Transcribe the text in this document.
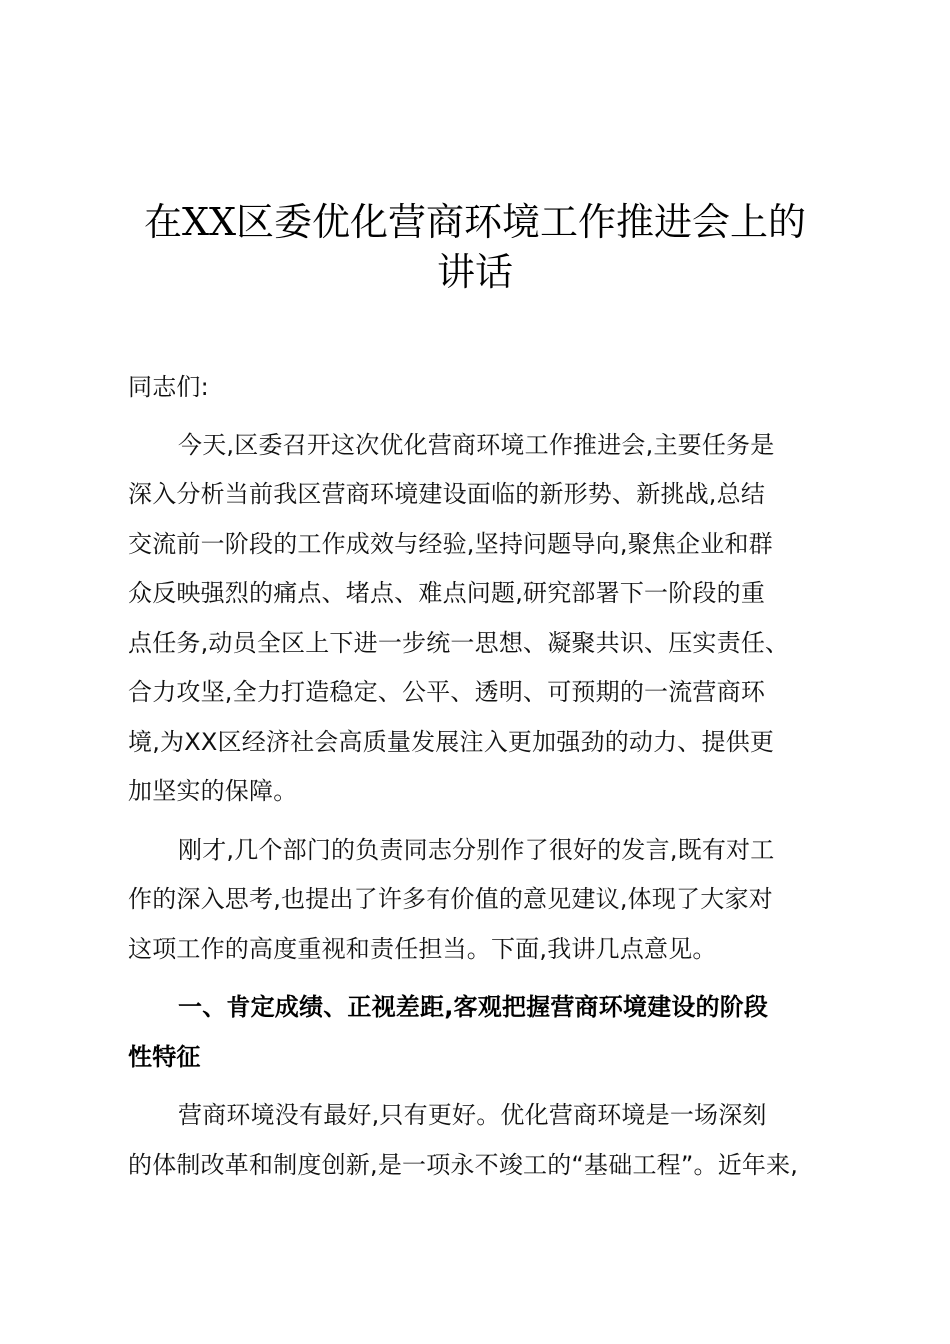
在XX区委优化营商环境工作推进会上的
讲话
同志们:
今天,区委召开这次优化营商环境工作推进会,主要任务是
深入分析当前我区营商环境建设面临的新形势、新挑战,总结
交流前一阶段的工作成效与经验,坚持问题导向,聚焦企业和群
众反映强烈的痛点、堵点、难点问题,研究部署下一阶段的重
点任务,动员全区上下进一步统一思想、凝聚共识、压实责任、
合力攻坚,全力打造稳定、公平、透明、可预期的一流营商环
境,为XX区经济社会高质量发展注入更加强劲的动力、提供更
加坚实的保障。
刚才,几个部门的负责同志分别作了很好的发言,既有对工
作的深入思考,也提出了许多有价值的意见建议,体现了大家对
这项工作的高度重视和责任担当。下面,我讲几点意见。
一、肯定成绩、正视差距,客观把握营商环境建设的阶段
性特征
营商环境没有最好,只有更好。优化营商环境是一场深刻
的体制改革和制度创新,是一项永不竣工的“基础工程”。近年来,
